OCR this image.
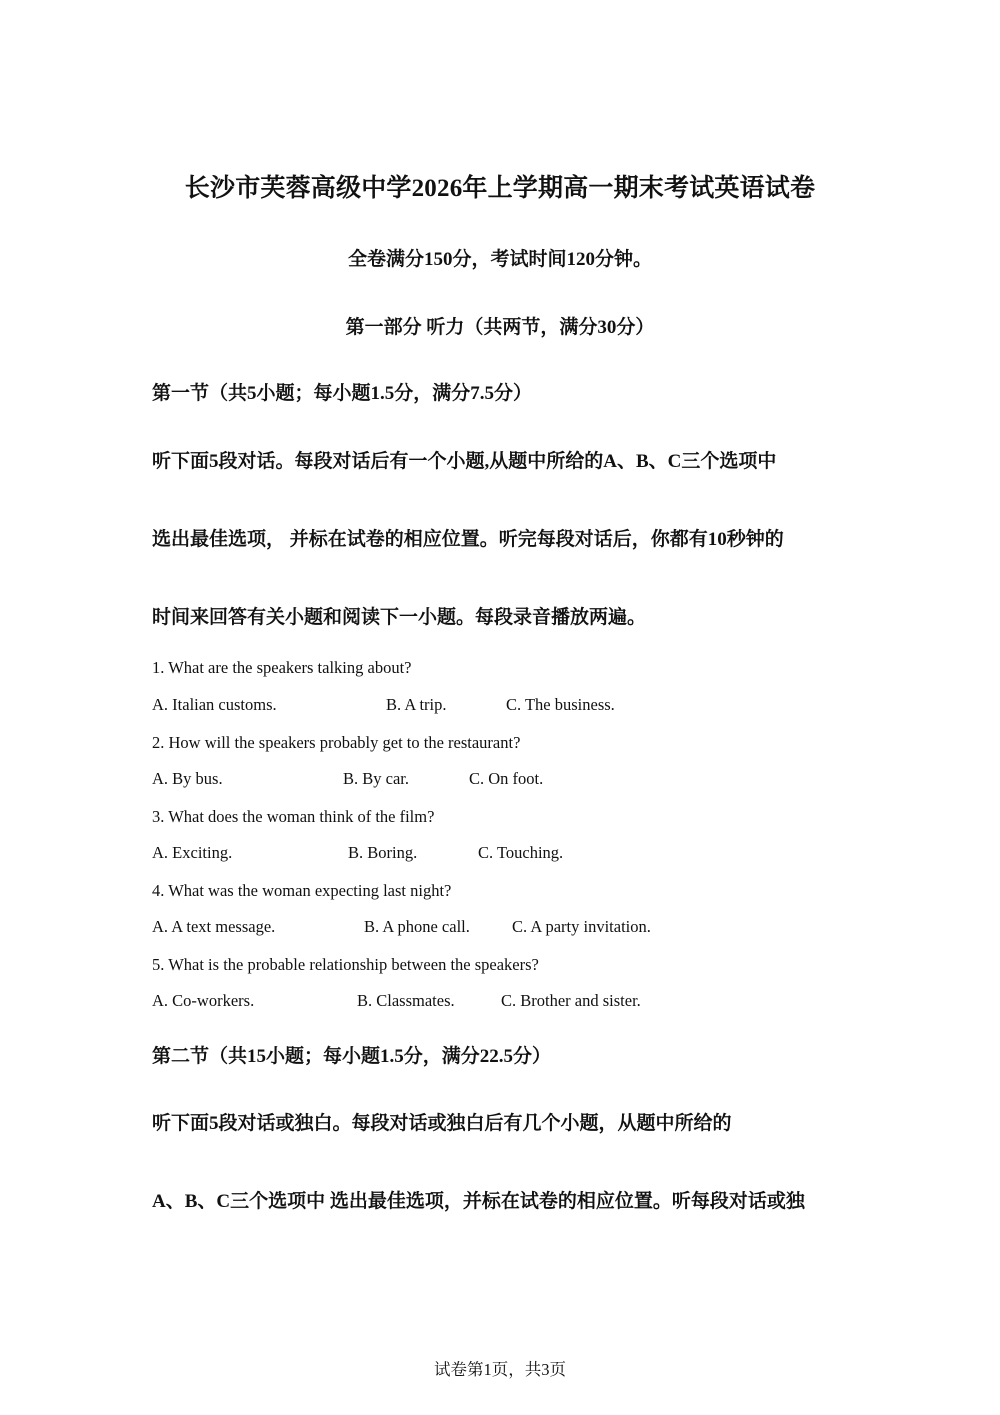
长沙市芙蓉高级中学2026年上学期高一期末考试英语试卷
全卷满分150分，考试时间120分钟。
第一部分 听力（共两节，满分30分）
第一节（共5小题；每小题1.5分，满分7.5分）
听下面5段对话。每段对话后有一个小题,从题中所给的A、B、C三个选项中
选出最佳选项， 并标在试卷的相应位置。听完每段对话后，你都有10秒钟的
时间来回答有关小题和阅读下一小题。每段录音播放两遍。
1. What are the speakers talking about?
A. Italian customs.	B. A trip.	C. The business.
2. How will the speakers probably get to the restaurant?
A. By bus.	B. By car.	C. On foot.
3. What does the woman think of the film?
A. Exciting.	B. Boring.	C. Touching.
4. What was the woman expecting last night?
A. A text message.	B. A phone call.	C. A party invitation.
5. What is the probable relationship between the speakers?
A. Co-workers.	B. Classmates.	C. Brother and sister.
第二节（共15小题；每小题1.5分，满分22.5分）
听下面5段对话或独白。每段对话或独白后有几个小题，从题中所给的
A、B、C三个选项中 选出最佳选项，并标在试卷的相应位置。听每段对话或独
试卷第1页，共3页
